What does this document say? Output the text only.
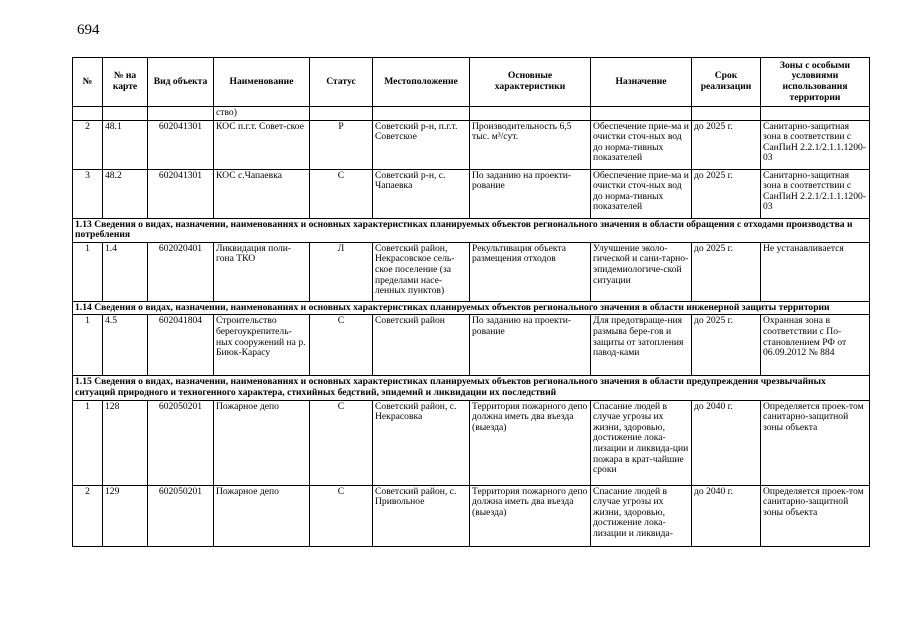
694
№	№ на карте	Вид объекта	Наименование	Статус	Местоположение	Основные характеристики	Назначение	Срок реализации	Зоны с особыми условиями использования территории
			ство)						
2	48.1	602041301	КОС п.г.т. Совет-ское	Р	Советский р-н, п.г.т. Советское	Производительность 6,5 тыс. м³/сут.	Обеспечение прие-ма и очистки сточ-ных вод до норма-тивных показателей	до 2025 г.	Санитарно-защитная зона в соответствии с СанПиН 2.2.1/2.1.1.1200-03
3	48.2	602041301	КОС с.Чапаевка	С	Советский р-н, с. Чапаевка	По заданию на проекти-рование	Обеспечение прие-ма и очистки сточ-ных вод до норма-тивных показателей	до 2025 г.	Санитарно-защитная зона в соответствии с СанПиН 2.2.1/2.1.1.1200-03
1.13 Сведения о видах, назначении, наименованиях и основных характеристиках планируемых объектов регионального значения в области обращения с отходами производства и потребления									
1	1.4	602020401	Ликвидация поли-гона ТКО	Л	Советский район, Некрасовское сель-ское поселение (за пределами насе-ленных пунктов)	Рекультивация объекта размещения отходов	Улучшение эколо-гической и сани-тарно-эпидемиологиче-ской ситуации	до 2025 г.	Не устанавливается
1.14 Сведения о видах, назначении, наименованиях и основных характеристиках планируемых объектов регионального значения в области инженерной защиты территории									
1	4.5	602041804	Строительство берегоукрепитель-ных сооружений на р. Биюк-Карасу	С	Советский район	По заданию на проекти-рование	Для предотвраще-ния размыва бере-гов и защиты от затопления павод-ками	до 2025 г.	Охранная зона в соответствии с По-становлением РФ от 06.09.2012 № 884
1.15 Сведения о видах, назначении, наименованиях и основных характеристиках планируемых объектов регионального значения в области предупреждения чрезвычайных ситуаций природного и техногенного характера, стихийных бедствий, эпидемий и ликвидации их последствий									
1	128	602050201	Пожарное депо	С	Советский район, с. Некрасовка	Территория пожарного депо должна иметь два въезда (выезда)	Спасание людей в случае угрозы их жизни, здоровью, достижение лока-лизации и ликвида-ции пожара в крат-чайшие сроки	до 2040 г.	Определяется проек-том санитарно-защитной зоны объекта
2	129	602050201	Пожарное депо	С	Советский район, с. Привольное	Территория пожарного депо должна иметь два въезда (выезда)	Спасание людей в случае угрозы их жизни, здоровью, достижение лока-лизации и ликвида-	до 2040 г.	Определяется проек-том санитарно-защитной зоны объекта
